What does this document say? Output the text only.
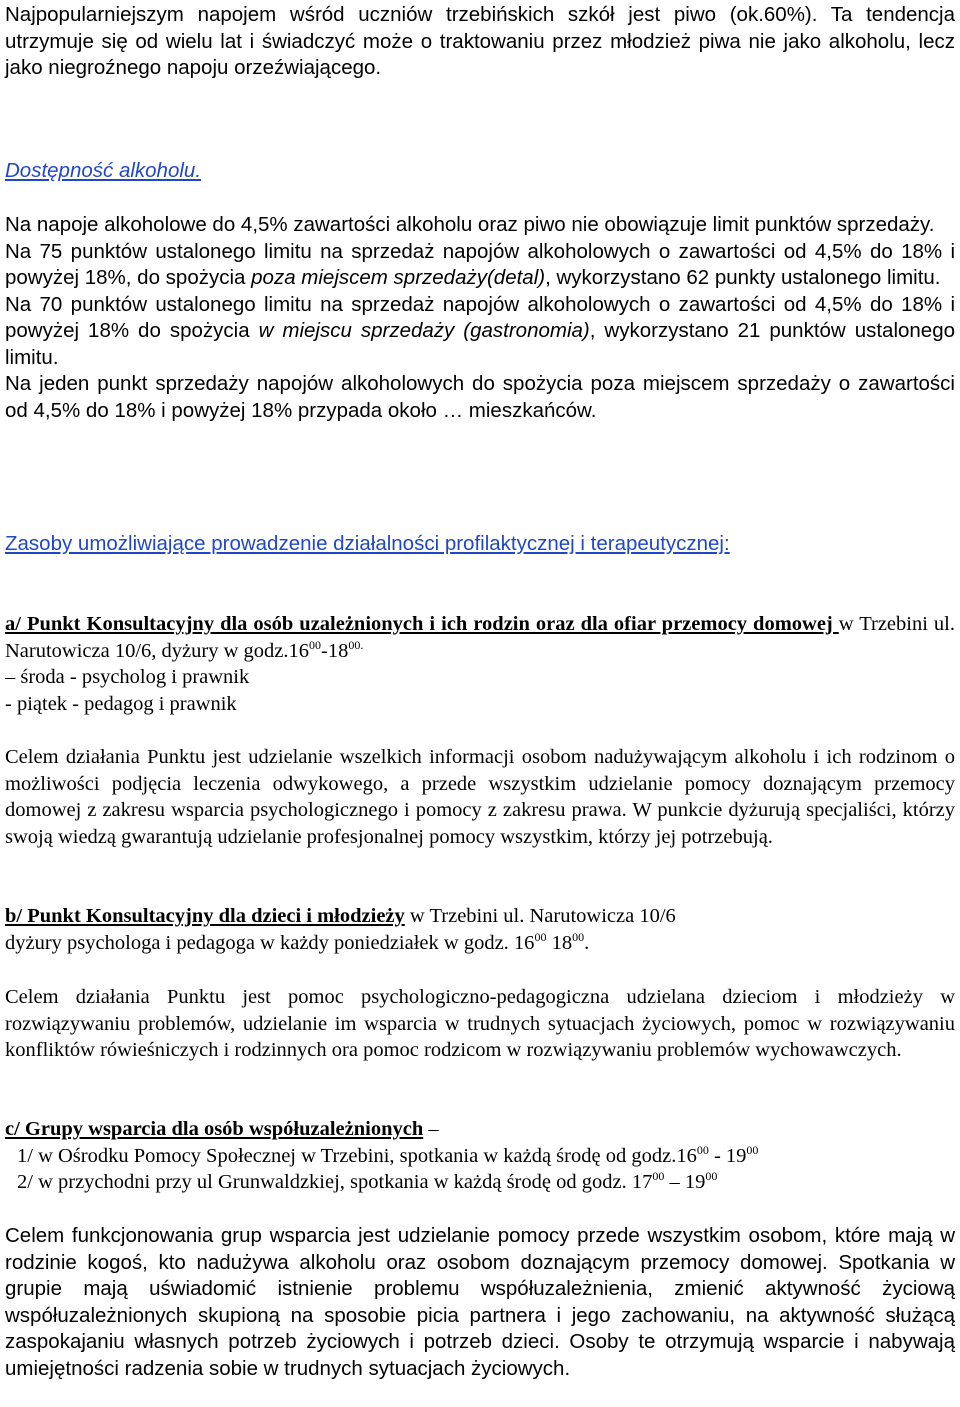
Najpopularniejszym napojem wśród uczniów trzebińskich szkół jest piwo (ok.60%). Ta tendencja utrzymuje się od wielu lat i świadczyć może o traktowaniu przez młodzież piwa nie jako alkoholu, lecz jako niegroźnego napoju orzeźwiającego.

Dostępność alkoholu.

Na napoje alkoholowe do 4,5% zawartości alkoholu oraz piwo nie obowiązuje limit punktów sprzedaży.

Na 75 punktów ustalonego limitu na sprzedaż napojów alkoholowych o zawartości od 4,5% do 18% i powyżej 18%, do spożycia poza miejscem sprzedaży(detal), wykorzystano 62 punkty ustalonego limitu.

Na 70 punktów ustalonego limitu na sprzedaż napojów alkoholowych o zawartości od 4,5% do 18% i powyżej 18% do spożycia w miejscu sprzedaży (gastronomia), wykorzystano 21 punktów ustalonego limitu.

Na jeden punkt sprzedaży napojów alkoholowych do spożycia poza miejscem sprzedaży o zawartości od 4,5% do 18% i powyżej 18% przypada około … mieszkańców.

Zasoby umożliwiające prowadzenie działalności profilaktycznej i terapeutycznej:

a/ Punkt Konsultacyjny dla osób uzależnionych i ich rodzin oraz dla ofiar przemocy domowej w Trzebini ul. Narutowicza 10/6, dyżury w $godz.16^{00}-18^{00.}$

– środa - psycholog i prawnik

- piątek - pedagog i prawnik

Celem działania Punktu jest udzielanie wszelkich informacji osobom nadużywającym alkoholu i ich rodzinom o możliwości podjęcia leczenia odwykowego, a przede wszystkim udzielanie pomocy doznającym przemocy domowej z zakresu wsparcia psychologicznego i pomocy z zakresu prawa. W punkcie dyżurują specjaliści, którzy swoją wiedzą gwarantują udzielanie profesjonalnej pomocy wszystkim, którzy jej potrzebują.

b/ Punkt Konsultacyjny dla dzieci i młodzieży w Trzebini ul. Narutowicza 10/6

dyżury psychologa i pedagoga w każdy poniedziałek w godz. $16^{00}$ $18^{00}$.

Celem działania Punktu jest pomoc psychologiczno-pedagogiczna udzielana dzieciom i młodzieży w rozwiązywaniu problemów, udzielanie im wsparcia w trudnych sytuacjach życiowych, pomoc w rozwiązywaniu konfliktów rówieśniczych i rodzinnych ora pomoc rodzicom w rozwiązywaniu problemów wychowawczych.

c/ Grupy wsparcia dla osób współuzależnionych –

1/ w Ośrodku Pomocy Społecznej w Trzebini, spotkania w każdą środę od $godz.16^{00} - 19^{00}$

2/ w przychodni przy ul Grunwaldzkiej, spotkania w każdą środę od godz. $17^{00} - 19^{00}$

Celem funkcjonowania grup wsparcia jest udzielanie pomocy przede wszystkim osobom, które mają w rodzinie kogoś, kto nadużywa alkoholu oraz osobom doznającym przemocy domowej. Spotkania w grupie mają uświadomić istnienie problemu współuzależnienia, zmienić aktywność życiową współuzależnionych skupioną na sposobie picia partnera i jego zachowaniu, na aktywność służącą zaspokajaniu własnych potrzeb życiowych i potrzeb dzieci. Osoby te otrzymują wsparcie i nabywają umiejętności radzenia sobie w trudnych sytuacjach życiowych.
